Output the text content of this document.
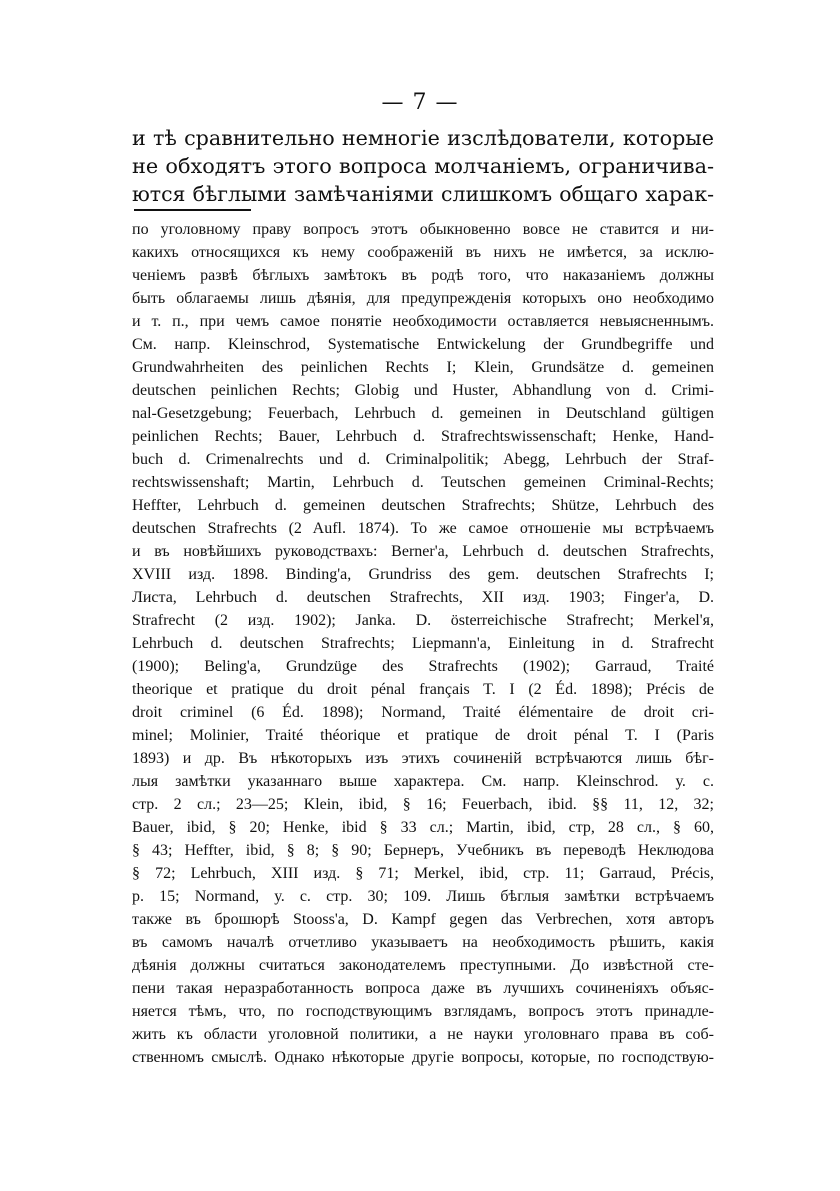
— 7 —
и тѣ сравнительно немногіе изслѣдователи, которые
не обходятъ этого вопроса молчаніемъ, ограничива-
ются бѣглыми замѣчаніями слишкомъ общаго харак-
по уголовному праву вопросъ этотъ обыкновенно вовсе не ставится и ни-
какихъ относящихся къ нему соображеній въ нихъ не имѣется, за исклю-
ченіемъ развѣ бѣглыхъ замѣтокъ въ родѣ того, что наказаніемъ должны
быть облагаемы лишь дѣянія, для предупрежденія которыхъ оно необходимо
и т. п., при чемъ самое понятіе необходимости оставляется невыясненнымъ.
См. напр. Kleinschrod, Systematische Entwickelung der Grundbegriffe und
Grundwahrheiten des peinlichen Rechts I; Klein, Grundsätze d. gemeinen
deutschen peinlichen Rechts; Globig und Huster, Abhandlung von d. Crimi-
nal-Gesetzgebung; Feuerbach, Lehrbuch d. gemeinen in Deutschland gültigen
peinlichen Rechts; Bauer, Lehrbuch d. Strafrechtswissenschaft; Henke, Hand-
buch d. Crimenalrechts und d. Criminalpolitik; Abegg, Lehrbuch der Straf-
rechtswissenshaft; Martin, Lehrbuch d. Teutschen gemeinen Criminal-Rechts;
Heffter, Lehrbuch d. gemeinen deutschen Strafrechts; Shütze, Lehrbuch des
deutschen Strafrechts (2 Aufl. 1874). То же самое отношеніе мы встрѣчаемъ
и въ новѣйшихъ руководствахъ: Berner'а, Lehrbuch d. deutschen Strafrechts,
XVIII изд. 1898. Binding'а, Grundriss des gem. deutschen Strafrechts I;
Листа, Lehrbuch d. deutschen Strafrechts, XII изд. 1903; Finger'а, D.
Strafrecht (2 изд. 1902); Janka. D. österreichische Strafrecht; Merkel'я,
Lehrbuch d. deutschen Strafrechts; Liepmann'а, Einleitung in d. Strafrecht
(1900); Beling'а, Grundzüge des Strafrechts (1902); Garraud, Traité
theorique et pratique du droit pénal français T. I (2 Éd. 1898); Précis de
droit criminel (6 Éd. 1898); Normand, Traité élémentaire de droit cri-
minel; Molinier, Traité théorique et pratique de droit pénal T. I (Paris
1893) и др. Въ нѣкоторыхъ изъ этихъ сочиненій встрѣчаются лишь бѣг-
лыя замѣтки указаннаго выше характера. См. напр. Kleinschrod. у. с.
стр. 2 сл.; 23—25; Klein, ibid, § 16; Feuerbach, ibid. §§ 11, 12, 32;
Bauer, ibid, § 20; Henke, ibid § 33 сл.; Martin, ibid, стр, 28 сл., § 60,
§ 43; Heffter, ibid, § 8; § 90; Бернеръ, Учебникъ въ переводѣ Неклюдова
§ 72; Lehrbuch, XIII изд. § 71; Merkel, ibid, стр. 11; Garraud, Précis,
p. 15; Normand, у. с. стр. 30; 109. Лишь бѣглыя замѣтки встрѣчаемъ
также въ брошюрѣ Stooss'а, D. Kampf gegen das Verbrechen, хотя авторъ
въ самомъ началѣ отчетливо указываетъ на необходимость рѣшить, какія
дѣянія должны считаться законодателемъ преступными. До извѣстной сте-
пени такая неразработанность вопроса даже въ лучшихъ сочиненіяхъ объяс-
няется тѣмъ, что, по господствующимъ взглядамъ, вопросъ этотъ принадле-
жить къ области уголовной политики, а не науки уголовнаго права въ соб-
ственномъ смыслѣ. Однако нѣкоторые другіе вопросы, которые, по господствую-
